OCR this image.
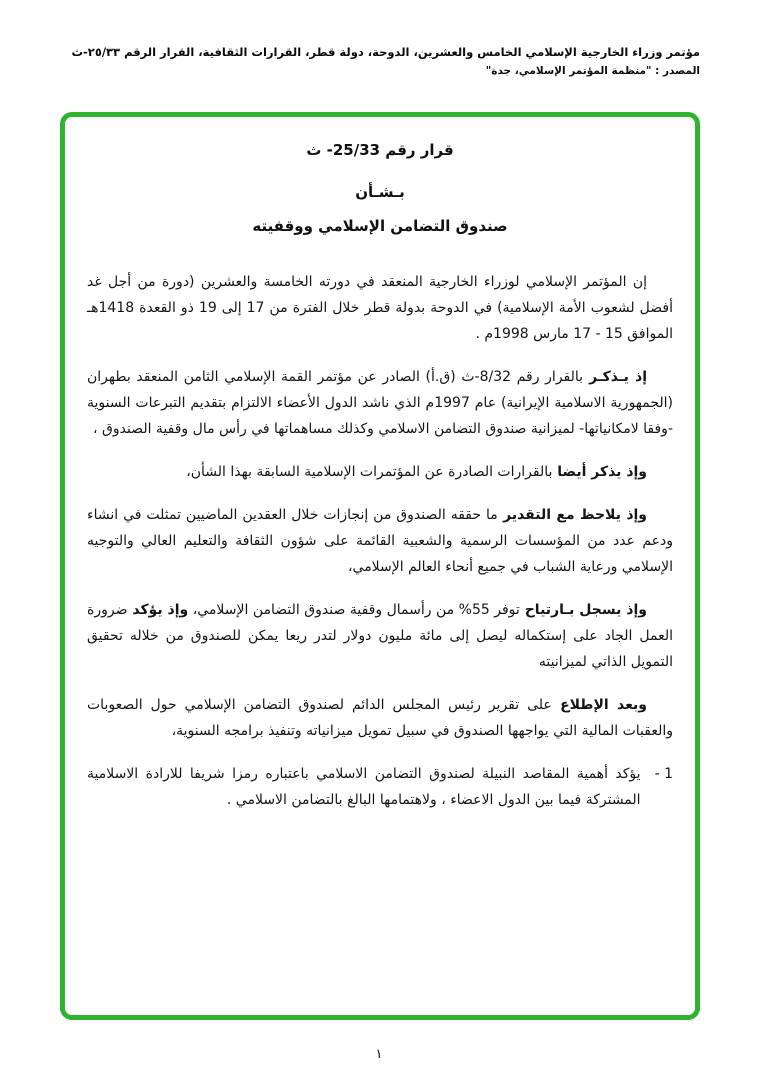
مؤتمر وزراء الخارجية الإسلامي الخامس والعشرين، الدوحة، دولة قطر، القرارات الثقافية، القرار الرقم ٢٥/٣٣-ث
المصدر : "منظمة المؤتمر الإسلامي، جدة"
قرار رقم 25/33- ث
بـشـأن
صندوق التضامن الإسلامي ووقفيته

إن المؤتمر الإسلامي لوزراء الخارجية المنعقد في دورته الخامسة والعشرين (دورة من أجل غد أفضل لشعوب الأمة الإسلامية) في الدوحة بدولة قطر خلال الفترة من 17 إلى 19 ذو القعدة 1418هـ الموافق 15 - 17 مارس 1998م .

إذ يـذكـر بالقرار رقم 8/32-ث (ق.أ) الصادر عن مؤتمر القمة الإسلامي الثامن المنعقد بطهران (الجمهورية الاسلامية الإيرانية) عام 1997م الذي ناشد الدول الأعضاء الالتزام بتقديم التبرعات السنوية -وفقا لامكانياتها- لميزانية صندوق التضامن الاسلامي وكذلك مساهماتها في رأس مال وقفية الصندوق ،

وإذ يذكر أيضا بالقرارات الصادرة عن المؤتمرات الإسلامية السابقة بهذا الشأن،

وإذ يلاحظ مع التقدير ما حققه الصندوق من إنجازات خلال العقدين الماضيين تمثلت في انشاء ودعم عدد من المؤسسات الرسمية والشعبية القائمة على شؤون الثقافة والتعليم العالي والتوجيه الإسلامي ورعاية الشباب في جميع أنحاء العالم الإسلامي،

وإذ يسجل بـارتياح توفر 55% من رأسمال وقفية صندوق التضامن الإسلامي، وإذ يؤكد ضرورة العمل الجاد على إستكماله ليصل إلى مائة مليون دولار لتدر ريعا يمكن للصندوق من خلاله تحقيق التمويل الذاتي لميزانيته

وبعد الإطلاع على تقرير رئيس المجلس الدائم لصندوق التضامن الإسلامي حول الصعوبات والعقبات المالية التي يواجهها الصندوق في سبيل تمويل ميزانياته وتنفيذ برامجه السنوية،

1 -
يؤكد أهمية المقاصد النبيلة لصندوق التضامن الاسلامي باعتباره رمزا شريفا للارادة الاسلامية المشتركة فيما بين الدول الاعضاء ، ولاهتمامها البالغ بالتضامن الاسلامي .
١
